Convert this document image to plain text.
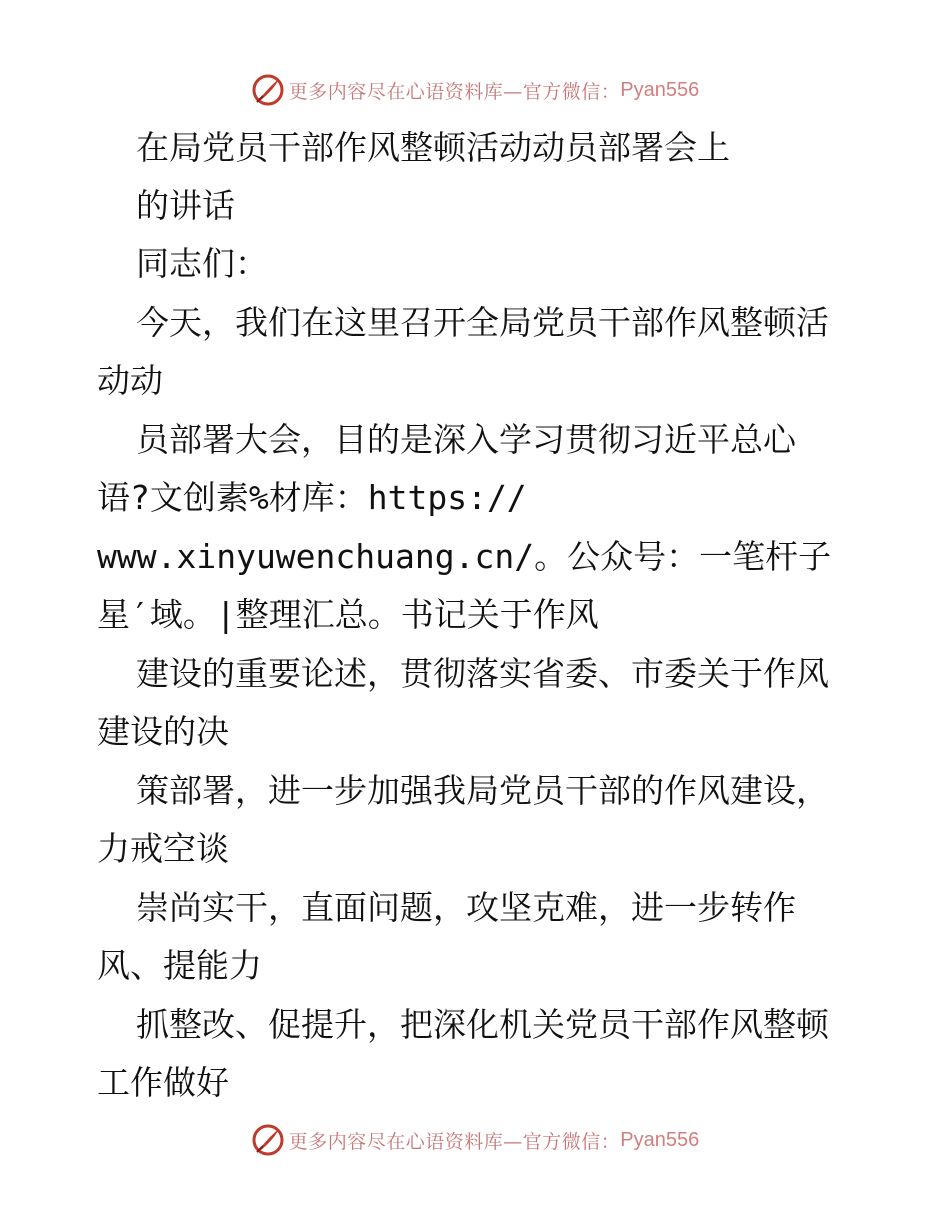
更多内容尽在心语资料库—官方微信： Pyan556
在局党员干部作风整顿活动动员部署会上
的讲话
同志们：
今天，我们在这里召开全局党员干部作风整顿活
动动
员部署大会，目的是深入学习贯彻习近平总心
语?文创素%材库：https://
www.xinyuwenchuang.cn/。公众号：一笔杆子
星′域。|整理汇总。书记关于作风
建设的重要论述，贯彻落实省委、市委关于作风
建设的决
策部署，进一步加强我局党员干部的作风建设，
力戒空谈
崇尚实干，直面问题，攻坚克难，进一步转作
风、提能力
抓整改、促提升，把深化机关党员干部作风整顿
工作做好
更多内容尽在心语资料库—官方微信： Pyan556
